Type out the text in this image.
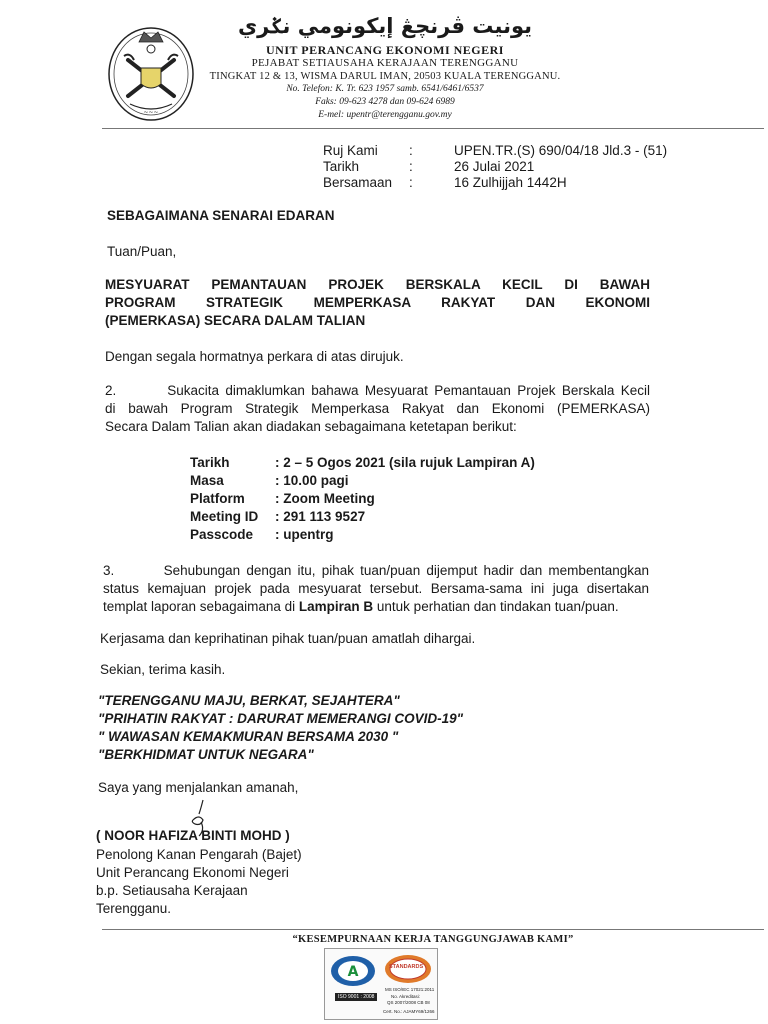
~~~
يونيت ڤرنچڠ إيكونومي نݢري
UNIT PERANCANG EKONOMI NEGERI
PEJABAT SETIAUSAHA KERAJAAN TERENGGANU
TINGKAT 12 & 13, WISMA DARUL IMAN, 20503 KUALA TERENGGANU.
No. Telefon: K. Tr. 623 1957 samb. 6541/6461/6537
Faks: 09-623 4278 dan 09-624 6989
E-mel: upentr@terengganu.gov.my
Ruj Kami :	UPEN.TR.(S) 690/04/18 Jld.3 - (51)
Tarikh	:	26 Julai 2021
Bersamaan :	16 Zulhijjah 1442H
SEBAGAIMANA SENARAI EDARAN
Tuan/Puan,
MESYUARAT PEMANTAUAN PROJEK BERSKALA KECIL DI BAWAH
PROGRAM STRATEGIK MEMPERKASA RAKYAT DAN EKONOMI
(PEMERKASA) SECARA DALAM TALIAN
Dengan segala hormatnya perkara di atas dirujuk.
2.        Sukacita dimaklumkan bahawa Mesyuarat Pemantauan Projek Berskala Kecil
di bawah Program Strategik Memperkasa Rakyat dan Ekonomi (PEMERKASA)
Secara Dalam Talian akan diadakan sebagaimana ketetapan berikut:
Tarikh	: 2 – 5 Ogos 2021 (sila rujuk Lampiran A)
Masa	: 10.00 pagi
Platform : Zoom Meeting
Meeting ID : 291 113 9527
Passcode : upentrg
3.        Sehubungan dengan itu, pihak tuan/puan dijemput hadir dan membentangkan
status kemajuan projek pada mesyuarat tersebut. Bersama-sama ini juga disertakan
templat laporan sebagaimana di Lampiran B untuk perhatian dan tindakan tuan/puan.
Kerjasama dan keprihatinan pihak tuan/puan amatlah dihargai.
Sekian, terima kasih.
"TERENGGANU MAJU, BERKAT, SEJAHTERA"
"PRIHATIN RAKYAT : DARURAT MEMERANGI COVID-19"
" WAWASAN KEMAKMURAN BERSAMA 2030 "
"BERKHIDMAT UNTUK NEGARA"
Saya yang menjalankan amanah,
( NOOR HAFIZA BINTI MOHD )
Penolong Kanan Pengarah (Bajet)
Unit Perancang Ekonomi Negeri
b.p. Setiausaha Kerajaan
Terengganu.
“KESEMPURNAAN KERJA TANGGUNGJAWAB KAMI”
A	STANDARDS
MS ISO/IEC 17021:2011
No. Akreditasi:
QS 2007/2008 CB 08
ISO 9001 : 2008
Cert. No.: AJAMY69/1266
